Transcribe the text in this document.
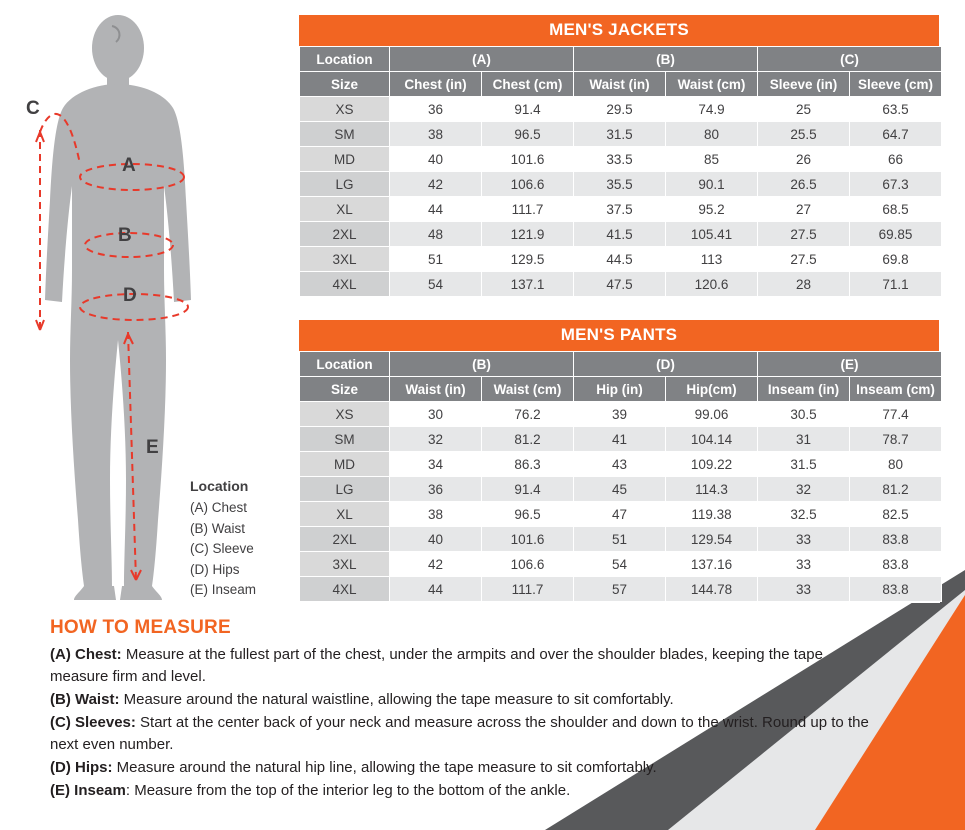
C
A
B
D
E
Location
(A) Chest
(B) Waist
(C) Sleeve
(D) Hips
(E) Inseam
MEN'S JACKETS
Location	(A)		(B)		(C)	
Size	Chest (in)	Chest (cm)	Waist (in)	Waist (cm)	Sleeve (in)	Sleeve (cm)
XS	36	91.4	29.5	74.9	25	63.5
SM	38	96.5	31.5	80	25.5	64.7
MD	40	101.6	33.5	85	26	66
LG	42	106.6	35.5	90.1	26.5	67.3
XL	44	111.7	37.5	95.2	27	68.5
2XL	48	121.9	41.5	105.41	27.5	69.85
3XL	51	129.5	44.5	113	27.5	69.8
4XL	54	137.1	47.5	120.6	28	71.1
MEN'S PANTS
Location	(B)		(D)		(E)	
Size	Waist (in)	Waist (cm)	Hip (in)	Hip(cm)	Inseam (in)	Inseam (cm)
XS	30	76.2	39	99.06	30.5	77.4
SM	32	81.2	41	104.14	31	78.7
MD	34	86.3	43	109.22	31.5	80
LG	36	91.4	45	114.3	32	81.2
XL	38	96.5	47	119.38	32.5	82.5
2XL	40	101.6	51	129.54	33	83.8
3XL	42	106.6	54	137.16	33	83.8
4XL	44	111.7	57	144.78	33	83.8
HOW TO MEASURE
(A) Chest: Measure at the fullest part of the chest, under the armpits and over the shoulder blades, keeping the tape measure firm and level.
(B) Waist: Measure around the natural waistline, allowing the tape measure to sit comfortably.
(C) Sleeves: Start at the center back of your neck and measure across the shoulder and down to the wrist. Round up to the next even number.
(D) Hips: Measure around the natural hip line, allowing the tape measure to sit comfortably.
(E) Inseam: Measure from the top of the interior leg to the bottom of the ankle.
